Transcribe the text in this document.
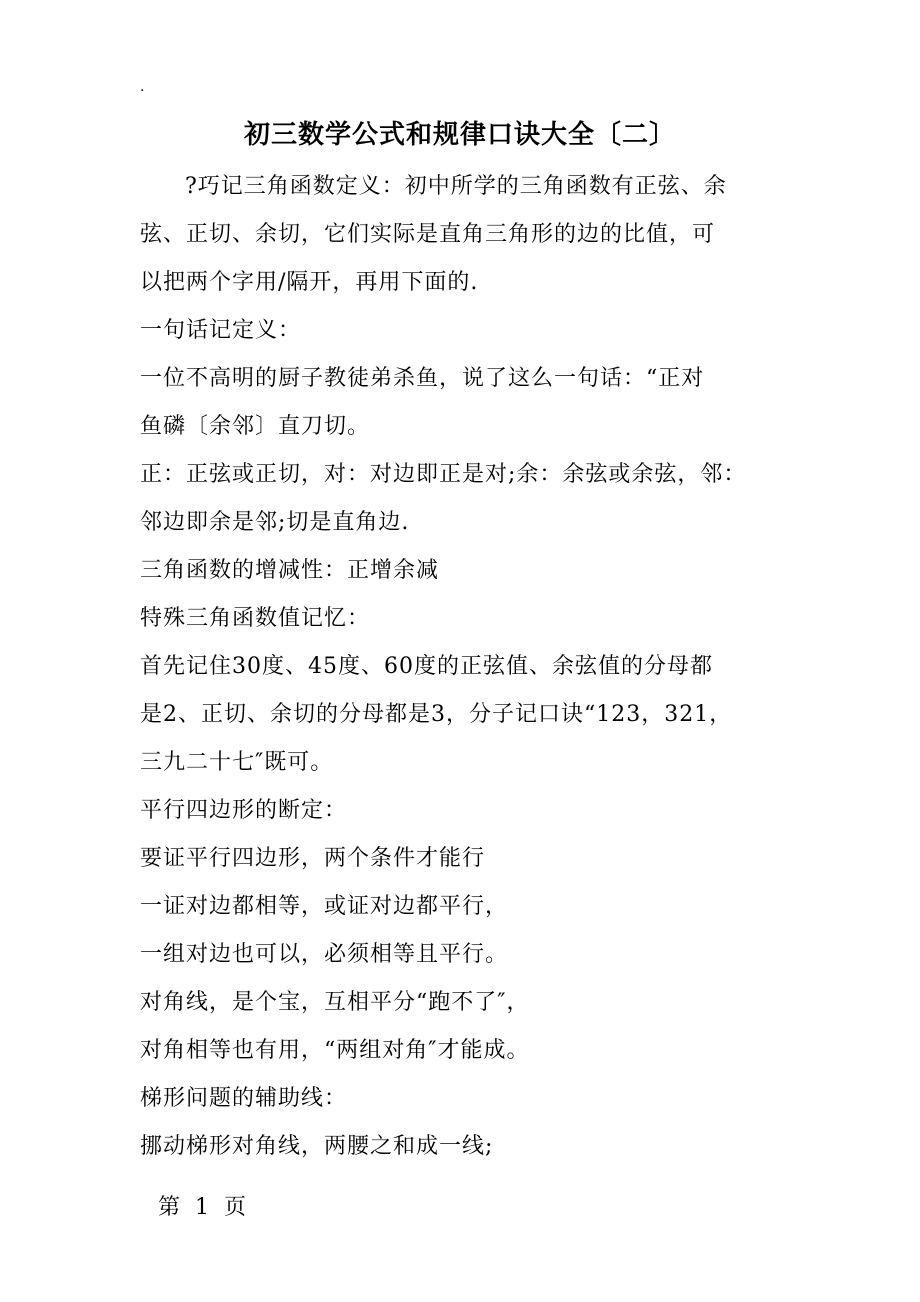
.
初三数学公式和规律口诀大全〔二〕
?巧记三角函数定义：初中所学的三角函数有正弦、余
弦、正切、余切，它们实际是直角三角形的边的比值，可
以把两个字用/隔开，再用下面的.
一句话记定义：
一位不高明的厨子教徒弟杀鱼，说了这么一句话：“正对
鱼磷〔余邻〕直刀切。
正：正弦或正切，对：对边即正是对;余：余弦或余弦，邻：
邻边即余是邻;切是直角边.
三角函数的增减性：正增余减
特殊三角函数值记忆：
首先记住30度、45度、60度的正弦值、余弦值的分母都
是2、正切、余切的分母都是3，分子记口诀“123，321，
三九二十七″既可。
平行四边形的断定：
要证平行四边形，两个条件才能行
一证对边都相等，或证对边都平行，
一组对边也可以，必须相等且平行。
对角线，是个宝，互相平分“跑不了″，
对角相等也有用，“两组对角″才能成。
梯形问题的辅助线：
挪动梯形对角线，两腰之和成一线;
第 1 页
